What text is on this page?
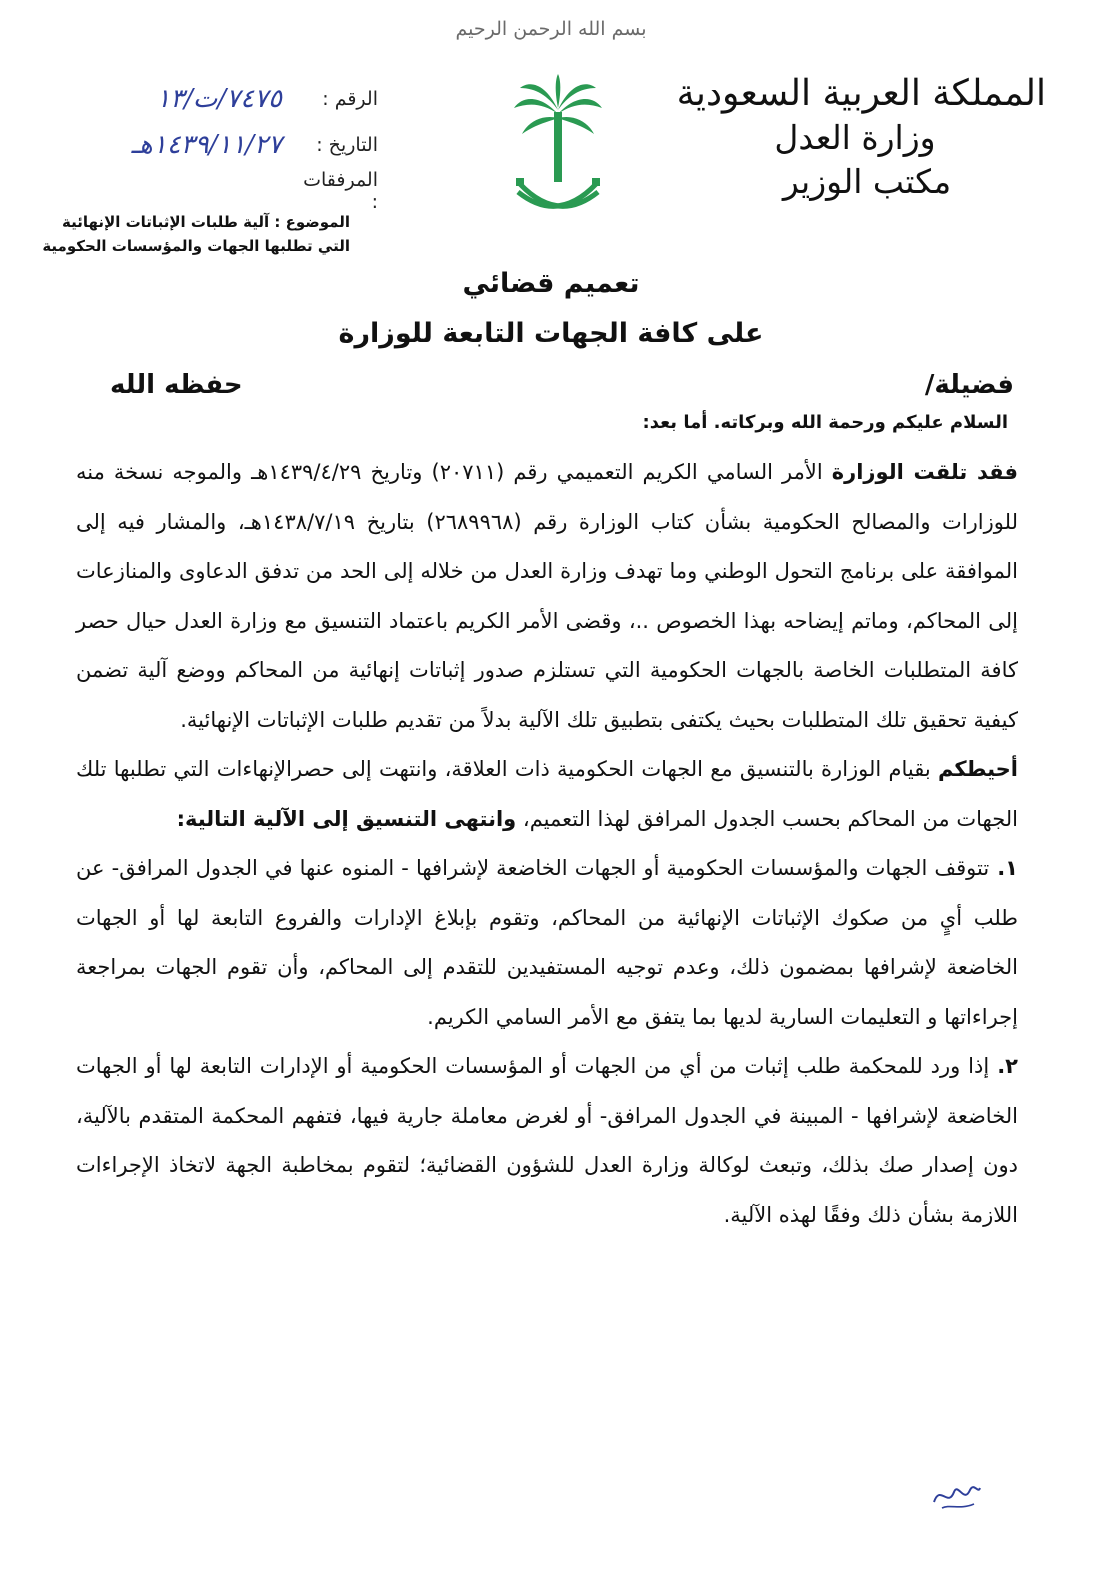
بسم الله الرحمن الرحيم
المملكة العربية السعودية
وزارة العدل
مكتب الوزير
الرقم :
٧٤٧٥/ت/١٣
التاريخ :
١٤٣٩/١١/٢٧هـ
المرفقات :
الموضوع : آلية طلبات الإثباتات الإنهائية
التي تطلبها الجهات والمؤسسات الحكومية
تعميم قضائي
على كافة الجهات التابعة للوزارة
فضيلة/
حفظه الله
السلام عليكم ورحمة الله وبركاته. أما بعد:

فقد تلقت الوزارة الأمر السامي الكريم التعميمي رقم (٢٠٧١١) وتاريخ ١٤٣٩/٤/٢٩هـ والموجه نسخة منه للوزارات والمصالح الحكومية بشأن كتاب الوزارة رقم (٢٦٨٩٩٦٨) بتاريخ ١٤٣٨/٧/١٩هـ، والمشار فيه إلى الموافقة على برنامج التحول الوطني وما تهدف وزارة العدل من خلاله إلى الحد من تدفق الدعاوى والمنازعات إلى المحاكم، وماتم إيضاحه بهذا الخصوص ..، وقضى الأمر الكريم باعتماد التنسيق مع وزارة العدل حيال حصر كافة المتطلبات الخاصة بالجهات الحكومية التي تستلزم صدور إثباتات إنهائية من المحاكم ووضع آلية تضمن كيفية تحقيق تلك المتطلبات بحيث يكتفى بتطبيق تلك الآلية بدلاً من تقديم طلبات الإثباتات الإنهائية.

أحيطكم بقيام الوزارة بالتنسيق مع الجهات الحكومية ذات العلاقة، وانتهت إلى حصرالإنهاءات التي تطلبها تلك الجهات من المحاكم بحسب الجدول المرافق لهذا التعميم، وانتهى التنسيق إلى الآلية التالية:

١.تتوقف الجهات والمؤسسات الحكومية أو الجهات الخاضعة لإشرافها - المنوه عنها في الجدول المرافق- عن طلب أيٍ من صكوك الإثباتات الإنهائية من المحاكم، وتقوم بإبلاغ الإدارات والفروع التابعة لها أو الجهات الخاضعة لإشرافها بمضمون ذلك، وعدم توجيه المستفيدين للتقدم إلى المحاكم، وأن تقوم الجهات بمراجعة إجراءاتها و التعليمات السارية لديها بما يتفق مع الأمر السامي الكريم.

٢.إذا ورد للمحكمة طلب إثبات من أي من الجهات أو المؤسسات الحكومية أو الإدارات التابعة لها أو الجهات الخاضعة لإشرافها - المبينة في الجدول المرافق- أو لغرض معاملة جارية فيها، فتفهم المحكمة المتقدم بالآلية، دون إصدار صك بذلك، وتبعث لوكالة وزارة العدل للشؤون القضائية؛ لتقوم بمخاطبة الجهة لاتخاذ الإجراءات اللازمة بشأن ذلك وفقًا لهذه الآلية.
